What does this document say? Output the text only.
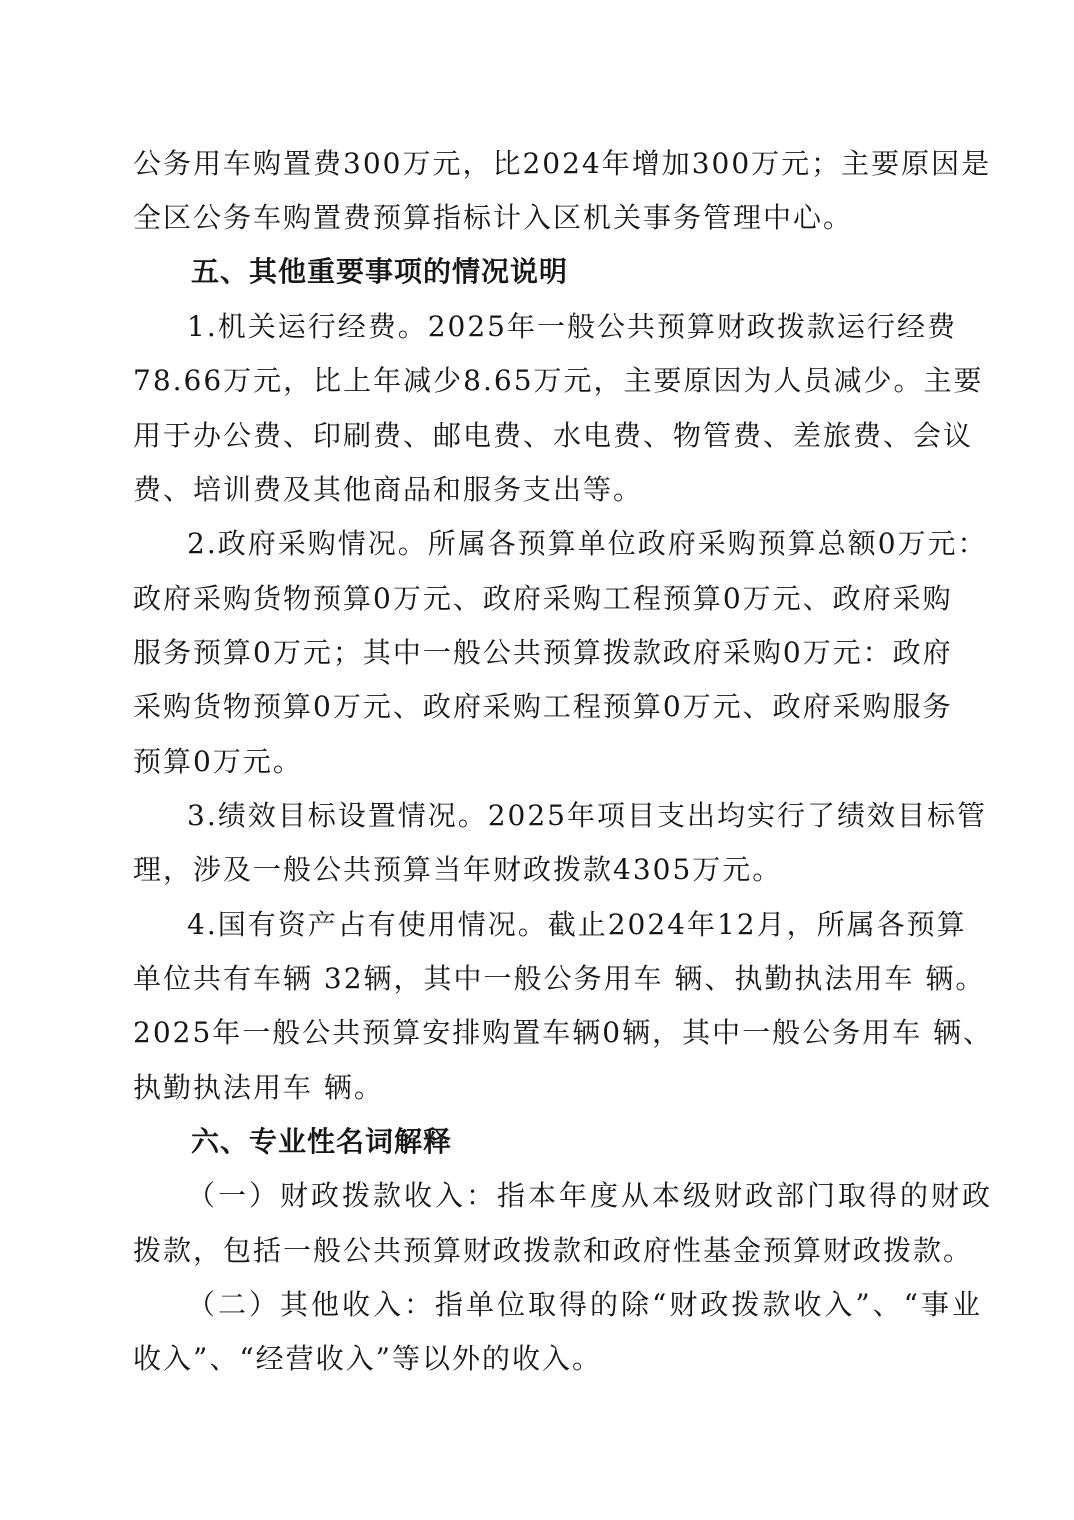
公务用车购置费300万元，比2024年增加300万元；主要原因是
全区公务车购置费预算指标计入区机关事务管理中心。
五、其他重要事项的情况说明
1.机关运行经费。2025年一般公共预算财政拨款运行经费
78.66万元，比上年减少8.65万元，主要原因为人员减少。主要
用于办公费、印刷费、邮电费、水电费、物管费、差旅费、会议
费、培训费及其他商品和服务支出等。
2.政府采购情况。所属各预算单位政府采购预算总额0万元：
政府采购货物预算0万元、政府采购工程预算0万元、政府采购
服务预算0万元；其中一般公共预算拨款政府采购0万元：政府
采购货物预算0万元、政府采购工程预算0万元、政府采购服务
预算0万元。
3.绩效目标设置情况。2025年项目支出均实行了绩效目标管
理，涉及一般公共预算当年财政拨款4305万元。
4.国有资产占有使用情况。截止2024年12月，所属各预算
单位共有车辆 32辆，其中一般公务用车 辆、执勤执法用车 辆。
2025年一般公共预算安排购置车辆0辆，其中一般公务用车 辆、
执勤执法用车 辆。
六、专业性名词解释
（一）财政拨款收入：指本年度从本级财政部门取得的财政
拨款，包括一般公共预算财政拨款和政府性基金预算财政拨款。
（二）其他收入：指单位取得的除“财政拨款收入”、“事业
收入”、“经营收入”等以外的收入。
